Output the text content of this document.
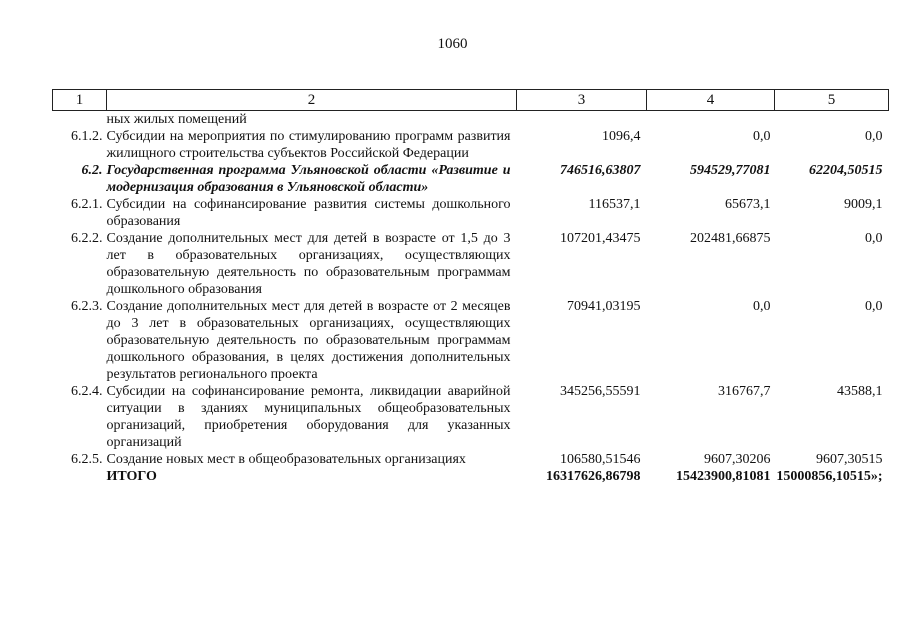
1060
1	2	3	4	5
	ных жилых помещений			
6.1.2.	Субсидии на мероприятия по стимулированию программ развития жилищного строительства субъектов Российской Федерации	1096,4	0,0	0,0
6.2.	Государственная программа Ульяновской области «Развитие и модернизация образования в Ульяновской области»	746516,63807	594529,77081	62204,50515
6.2.1.	Субсидии на софинансирование развития системы дошкольного образования	116537,1	65673,1	9009,1
6.2.2.	Создание дополнительных мест для детей в возрасте от 1,5 до 3 лет в образовательных организациях, осуществляющих образовательную деятельность по образовательным программам дошкольного образования	107201,43475	202481,66875	0,0
6.2.3.	Создание дополнительных мест для детей в возрасте от 2 месяцев до 3 лет в образовательных организациях, осуществляющих образовательную деятельность по образовательным программам дошкольного образования, в целях достижения дополнительных результатов регионального проекта	70941,03195	0,0	0,0
6.2.4.	Субсидии на софинансирование ремонта, ликвидации аварийной ситуации в зданиях муниципальных общеобразовательных организаций, приобретения оборудования для указанных организаций	345256,55591	316767,7	43588,1
6.2.5.	Создание новых мест в общеобразовательных организациях	106580,51546	9607,30206	9607,30515
	ИТОГО	16317626,86798	15423900,81081	15000856,10515»;
